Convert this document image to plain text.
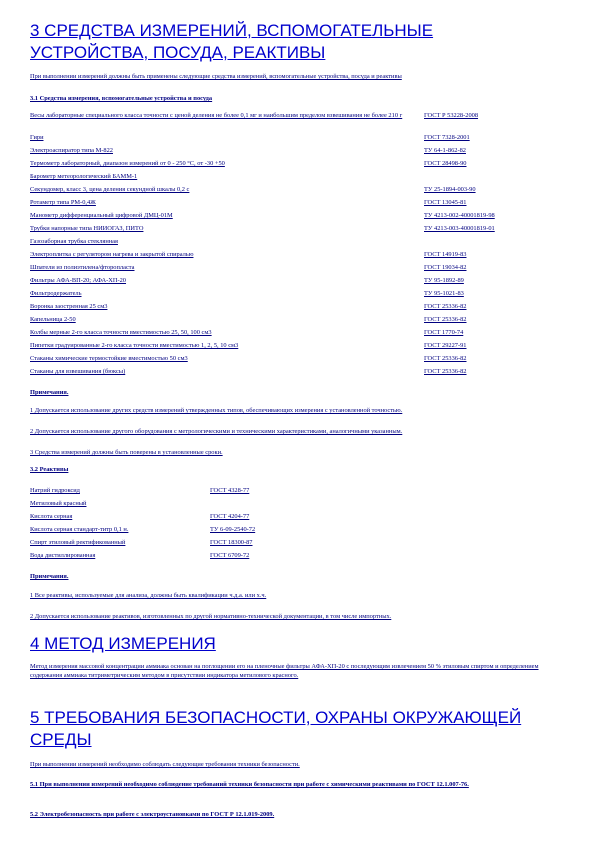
3 СРЕДСТВА ИЗМЕРЕНИЙ, ВСПОМОГАТЕЛЬНЫЕ
УСТРОЙСТВА, ПОСУДА, РЕАКТИВЫ

При выполнении измерений должны быть применены следующие средства измерений, вспомогательные устройства, посуда и реактивы

3.1 Средства измерения, вспомогательные устройства и посуда

Весы лабораторные специального класса точности с ценой деления не более 0,1 мг и наибольшим пределом взвешивания не более 210 г	ГОСТ Р 53228-2008
Гири	ГОСТ 7328-2001
Электроаспиратор типа М-822	ТУ 64-1-862-82
Термометр лабораторный, диапазон измерений от 0 - 250 °С, от -30 +50	ГОСТ 28498-90
Барометр метеорологический БАММ-1	
Секундомер, класс 3, цена деления секундной шкалы 0,2 с	ТУ 25-1894-003-90
Ротаметр типа РМ-0,4Ж	ГОСТ 13045-81
Манометр дифференциальный цифровой ДМЦ-01М	ТУ 4213-002-40001819-98
Трубки напорные типа НИИОГАЗ, ПИТО	ТУ 4213-003-40001819-01
Газозаборная трубка стеклянная	
Электроплитка с регулятором нагрева и закрытой спиралью	ГОСТ 14919-83
Шпатели из полиэтилена/фторопласта	ГОСТ 19034-82
Фильтры АФА-ВП-20; АФА-ХП-20	ТУ 95-1892-89
Фильтродержатель	ТУ 95-1021-83
Воронка заостренная 25 см3	ГОСТ 25336-82
Капельница 2-50	ГОСТ 25336-82
Колбы мерные 2-го класса точности вместимостью 25, 50, 100 см3	ГОСТ 1770-74
Пипетки градуированные 2-го класса точности вместимостью 1, 2, 5, 10 см3	ГОСТ 29227-91
Стаканы химические термостойкие вместимостью 50 см3	ГОСТ 25336-82
Стаканы для взвешивания (бюксы)	ГОСТ 25336-82

Примечания.

1 Допускается использование других средств измерений утвержденных типов, обеспечивающих измерения с установленной точностью.

2 Допускается использование другого оборудования с метрологическими и техническими характеристиками, аналогичными указанным.

3 Средства измерений должны быть поверены в установленные сроки.

3.2 Реактивы

Натрий гидроксид	ГОСТ 4328-77
Метиловый красный	
Кислота серная	ГОСТ 4204-77
Кислота серная стандарт-титр 0,1 н.	ТУ 6-09-2540-72
Спирт этиловый ректификованный	ГОСТ 18300-87
Вода дистиллированная	ГОСТ 6709-72

Примечания.

1 Все реактивы, используемые для анализа, должны быть квалификации ч.д.а. или х.ч.

2 Допускается использование реактивов, изготовленных по другой нормативно-технической документации, в том числе импортных.

4 МЕТОД ИЗМЕРЕНИЯ

Метод измерения массовой концентрации аммиака основан на поглощении его на пленочные фильтры АФА-ХП-20 с последующим извлечением 50 % этиловым спиртом и определением содержания аммиака титриметрическим методом в присутствии индикатора метилового красного.

5 ТРЕБОВАНИЯ БЕЗОПАСНОСТИ, ОХРАНЫ ОКРУЖАЮЩЕЙ
СРЕДЫ

При выполнении измерений необходимо соблюдать следующие требования техники безопасности.

5.1 При выполнении измерений необходимо соблюдение требований техники безопасности при работе с химическими реактивами по ГОСТ 12.1.007-76.

5.2 Электробезопасность при работе с электроустановками по ГОСТ Р 12.1.019-2009.
